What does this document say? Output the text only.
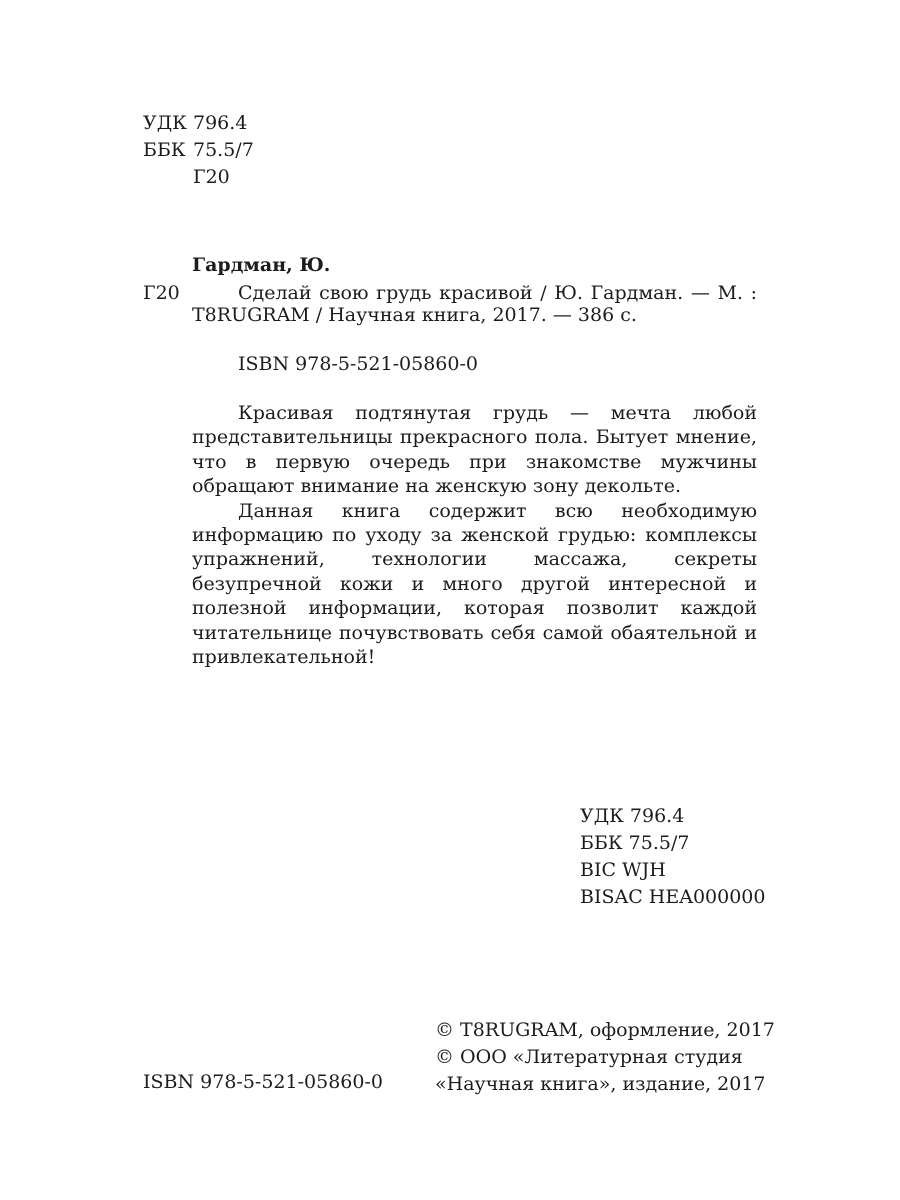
УДК 796.4
ББК 75.5/7
Г20
Гардман, Ю.
Г20	Сделай свою грудь красивой / Ю. Гардман. — М. :
T8RUGRAM / Научная книга, 2017. — 386 с.
ISBN 978-5-521-05860-0

Красивая подтянутая грудь — мечта любой представительницы прекрасного пола. Бытует мнение, что в первую очередь при знакомстве мужчины обращают внимание на женскую зону декольте.

Данная книга содержит всю необходимую информацию по уходу за женской грудью: комплексы упражнений, технологии массажа, секреты безупречной кожи и много другой интересной и полезной информации, которая позволит каждой читательнице почувствовать себя самой обаятельной и привлекательной!

УДК 796.4
ББК 75.5/7
BIC WJH
BISAC HEA000000
© T8RUGRAM, оформление, 2017
© ООО «Литературная студия
«Научная книга», издание, 2017
ISBN 978-5-521-05860-0
